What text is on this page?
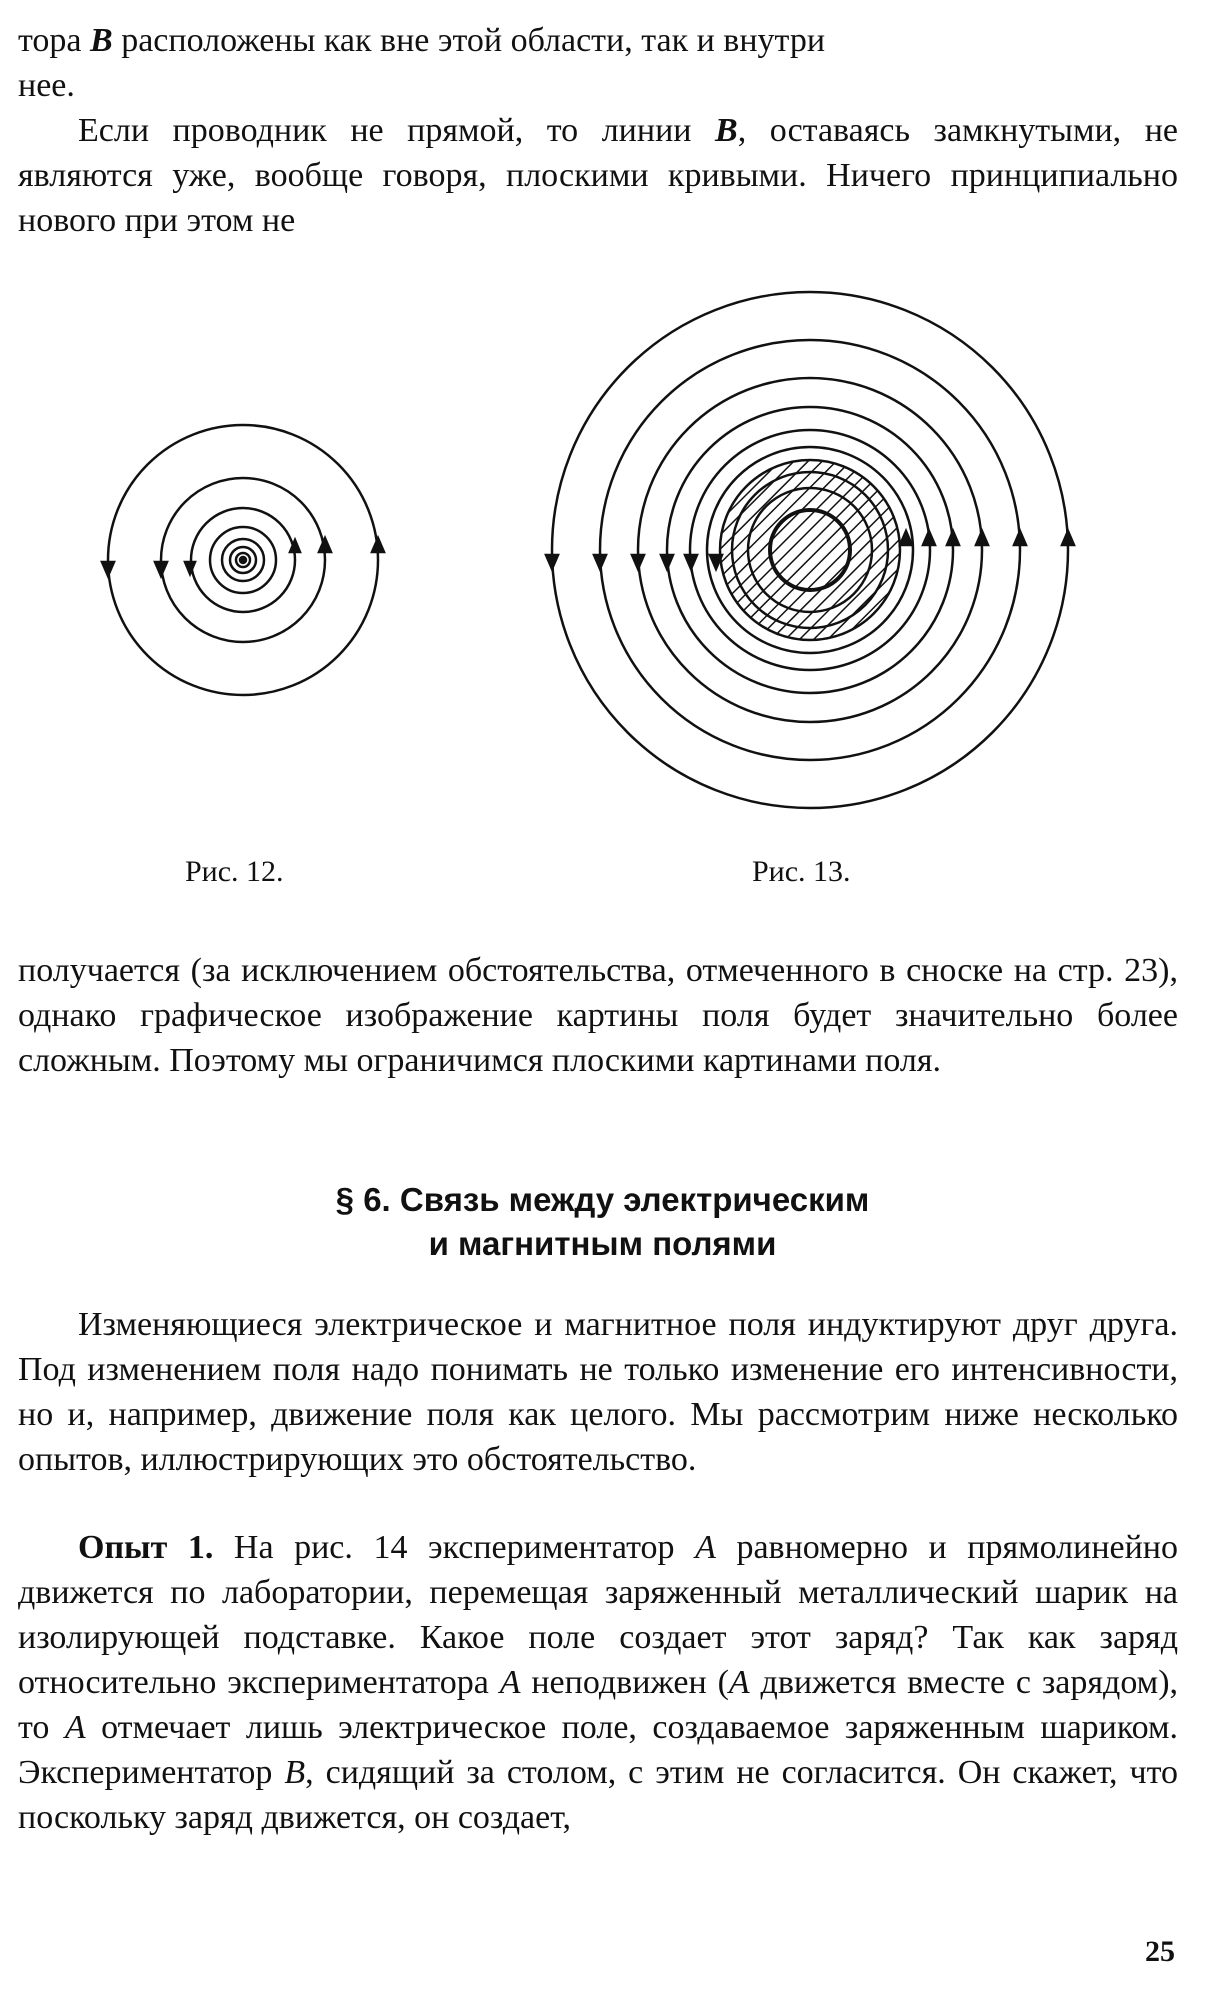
тора B расположены как вне этой области, так и внутри
нее.

Если проводник не прямой, то линии B, оставаясь замкнутыми, не являются уже, вообще говоря, плоскими кривыми. Ничего принципиально нового при этом не

Рис. 12.	Рис. 13.

получается (за исключением обстоятельства, отмеченного в сноске на стр. 23), однако графическое изображение картины поля будет значительно более сложным. Поэтому мы ограничимся плоскими картинами поля.

§ 6. Связь между электрическим
и магнитным полями

Изменяющиеся электрическое и магнитное поля индуктируют друг друга. Под изменением поля надо понимать не только изменение его интенсивности, но и, например, движение поля как целого. Мы рассмотрим ниже несколько опытов, иллюстрирующих это обстоятельство.

Опыт 1. На рис. 14 экспериментатор A равномерно и прямолинейно движется по лаборатории, перемещая заряженный металлический шарик на изолирующей подставке. Какое поле создает этот заряд? Так как заряд относительно экспериментатора A неподвижен (A движется вместе с зарядом), то A отмечает лишь электрическое поле, создаваемое заряженным шариком. Экспериментатор B, сидящий за столом, с этим не согласится. Он скажет, что поскольку заряд движется, он создает,

25
